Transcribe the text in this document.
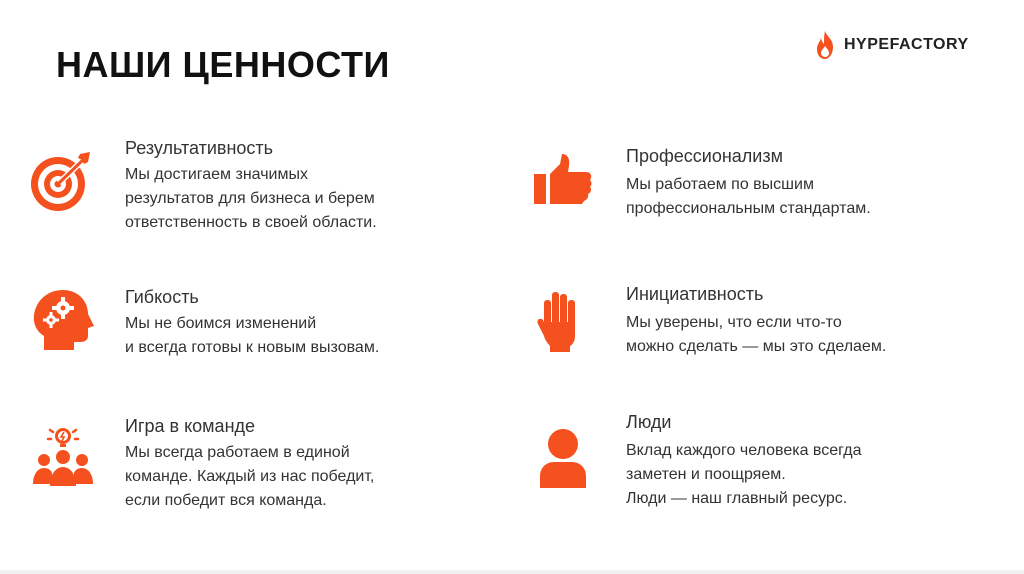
НАШИ ЦЕННОСТИ	HYPEFACTORY
Результативность
Мы достигаем значимых
результатов для бизнеса и берем
ответственность в своей области.
Гибкость
Мы не боимся изменений
и всегда готовы к новым вызовам.
Игра в команде
Мы всегда работаем в единой
команде. Каждый из нас победит,
если победит вся команда.
Профессионализм
Мы работаем по высшим
профессиональным стандартам.
Инициативность
Мы уверены, что если что-то
можно сделать — мы это сделаем.
Люди
Вклад каждого человека всегда
заметен и поощряем.
Люди — наш главный ресурс.
